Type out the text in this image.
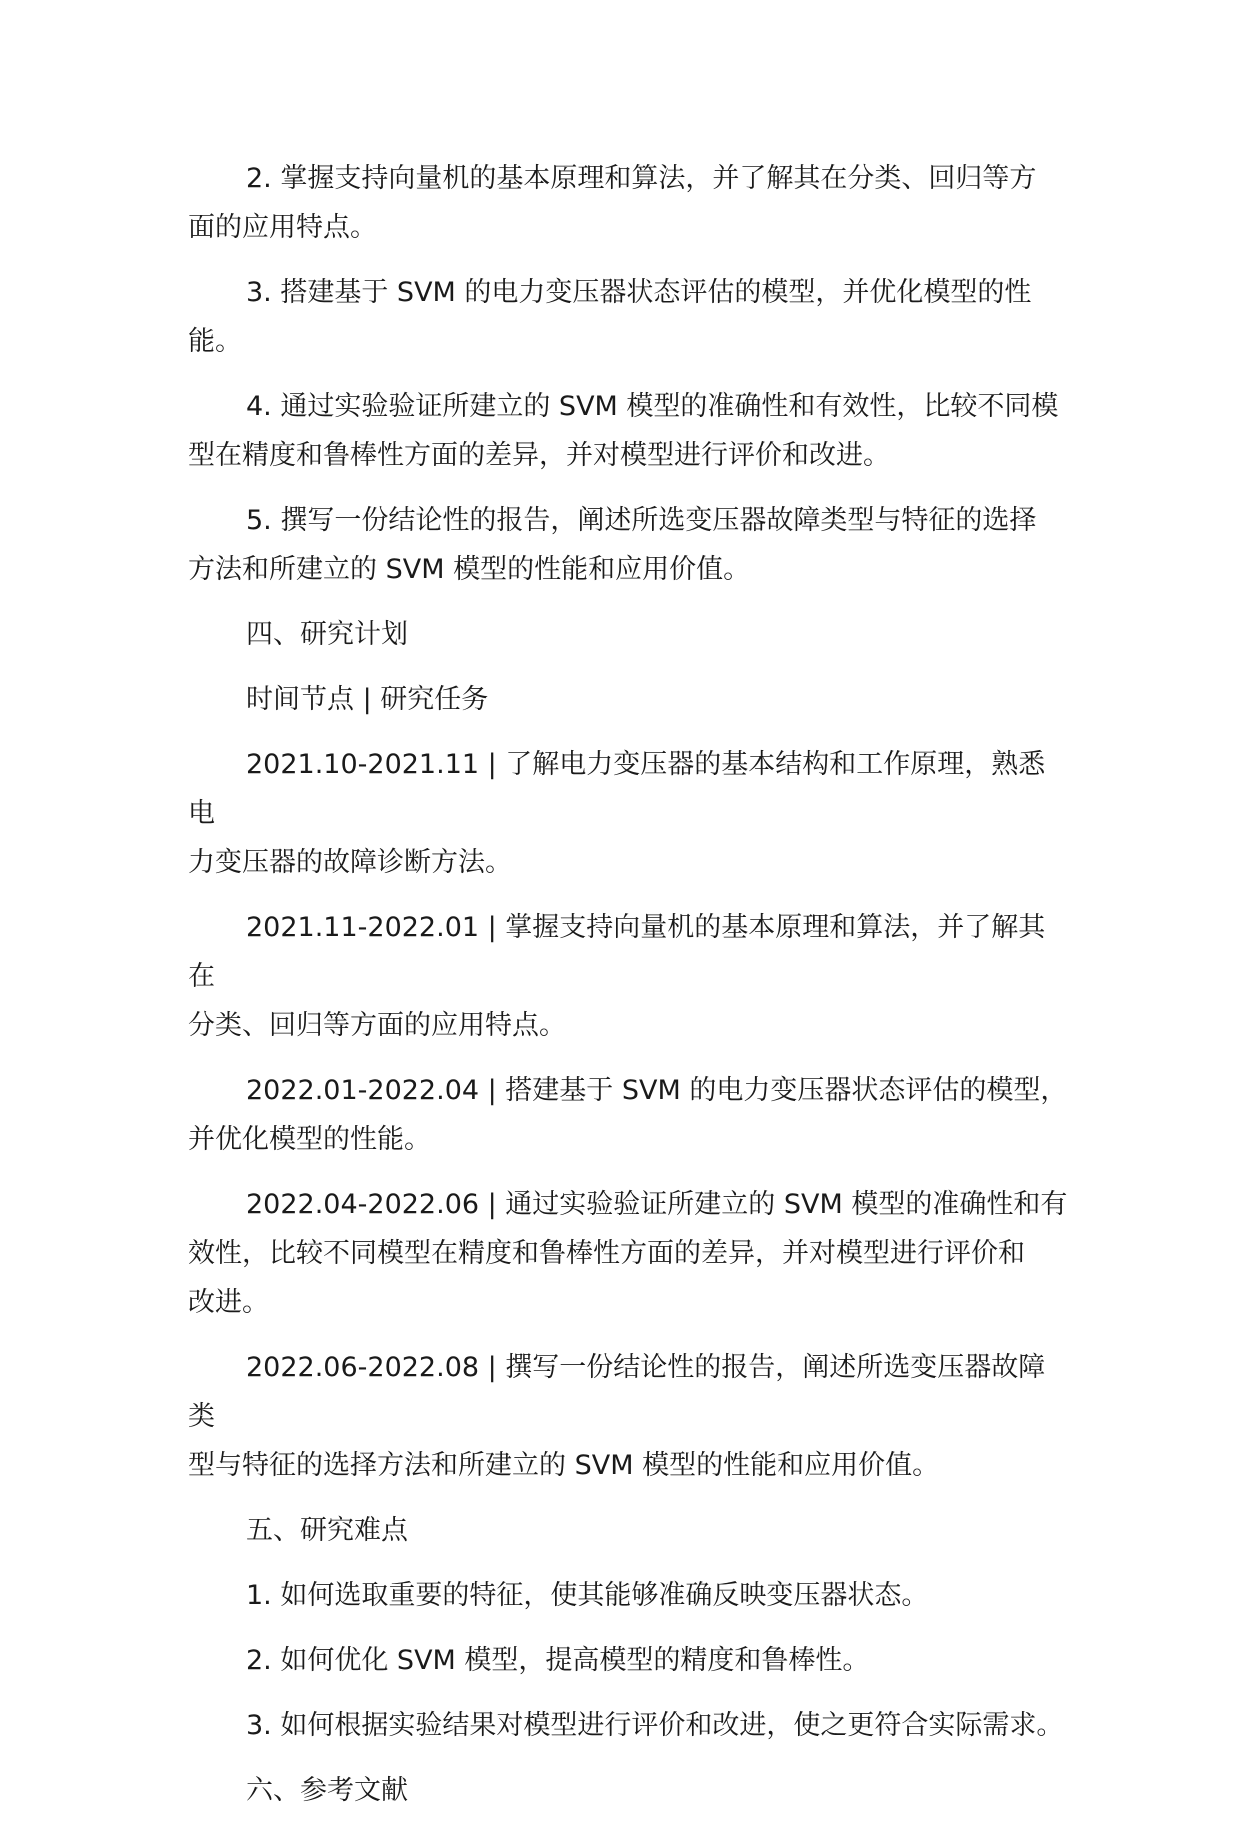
2. 掌握支持向量机的基本原理和算法，并了解其在分类、回归等方
面的应用特点。

3. 搭建基于 SVM 的电力变压器状态评估的模型，并优化模型的性能。

4. 通过实验验证所建立的 SVM 模型的准确性和有效性，比较不同模
型在精度和鲁棒性方面的差异，并对模型进行评价和改进。

5. 撰写一份结论性的报告，阐述所选变压器故障类型与特征的选择
方法和所建立的 SVM 模型的性能和应用价值。

四、研究计划

时间节点 | 研究任务

2021.10-2021.11 | 了解电力变压器的基本结构和工作原理，熟悉电
力变压器的故障诊断方法。

2021.11-2022.01 | 掌握支持向量机的基本原理和算法，并了解其在
分类、回归等方面的应用特点。

2022.01-2022.04 | 搭建基于 SVM 的电力变压器状态评估的模型，
并优化模型的性能。

2022.04-2022.06 | 通过实验验证所建立的 SVM 模型的准确性和有
效性，比较不同模型在精度和鲁棒性方面的差异，并对模型进行评价和
改进。

2022.06-2022.08 | 撰写一份结论性的报告，阐述所选变压器故障类
型与特征的选择方法和所建立的 SVM 模型的性能和应用价值。

五、研究难点

1. 如何选取重要的特征，使其能够准确反映变压器状态。

2. 如何优化 SVM 模型，提高模型的精度和鲁棒性。

3. 如何根据实验结果对模型进行评价和改进，使之更符合实际需求。

六、参考文献
